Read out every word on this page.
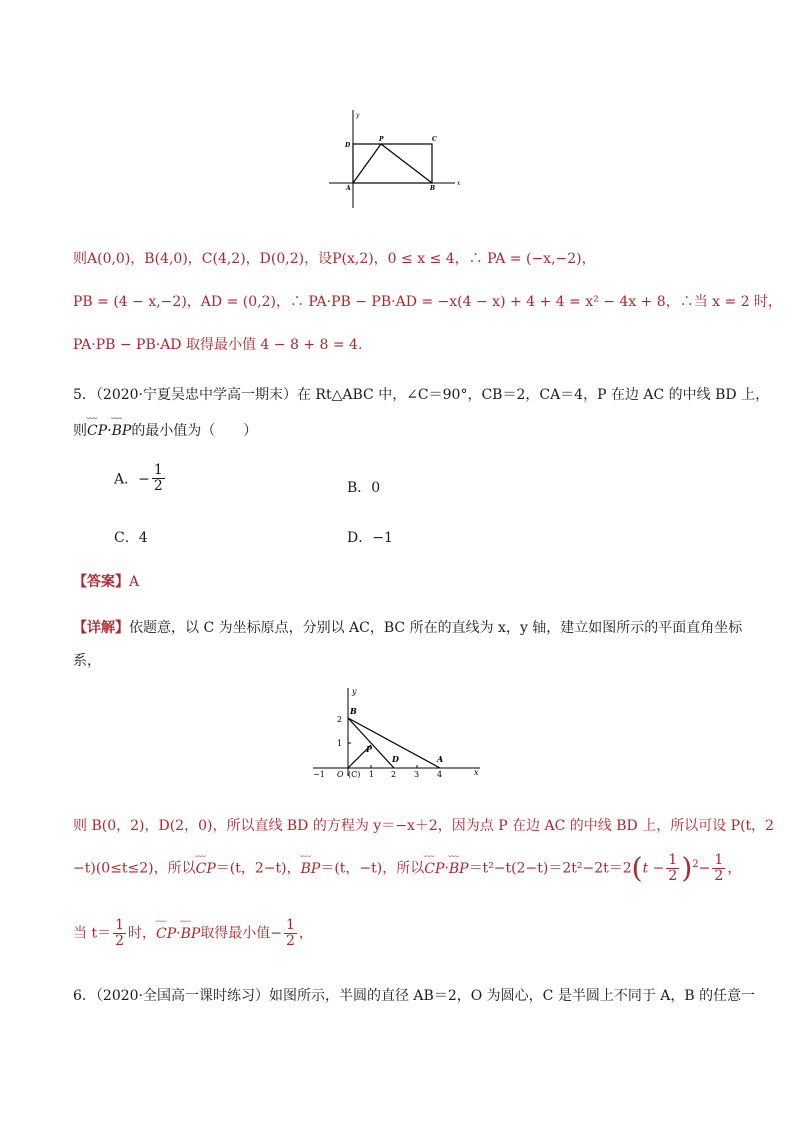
y
x
D
P	C
A	B
则A(0,0)，B(4,0)，C(4,2)，D(0,2)，设P(x,2)，0 ≤ x ≤ 4，∴ PA = (−x,−2)，
PB = (4 − x,−2)，AD = (0,2)，∴ PA·PB − PB·AD = −x(4 − x) + 4 + 4 = x² − 4x + 8，∴当 x = 2 时，
PA·PB − PB·AD 取得最小值 4 − 8 + 8 = 4.
5．（2020·宁夏吴忠中学高一期末）在 Rt△ABC 中，∠C＝90°，CB＝2，CA＝4，P 在边 AC 的中线 BD 上，
则⌣⌣⌣ CP·⌣⌣⌣ BP的最小值为（　　）
A．− $\frac{1}{2}$	B．0
C．4	D．−1
【答案】A
【详解】依题意，以 C 为坐标原点，分别以 AC，BC 所在的直线为 x，y 轴，建立如图所示的平面直角坐标
系，
y
x
B
P
D	A
2
1
−1 O (C) 1 2 3 4
则 B(0，2)，D(2，0)，所以直线 BD 的方程为 y＝−x＋2，因为点 P 在边 AC 的中线 BD 上，所以可设 P(t，2
−t)(0≤t≤2)，所以⌣⌣⌣ CP＝(t，2−t)，⌣⌣⌣ BP＝(t，−t)，所以⌣⌣⌣ CP·⌣⌣⌣ $BP=t^2-t(2-t)=2t^2-2t=2(t - \frac{1}{2} )^2- \frac{1}{2}$ ，
当 $t= \frac{1}{2}$ 时，⌣⌣⌣ CP·⌣⌣⌣ BP取得最小值− $\frac{1}{2}$ ，
6．（2020·全国高一课时练习）如图所示，半圆的直径 AB＝2，O 为圆心，C 是半圆上不同于 A，B 的任意一
